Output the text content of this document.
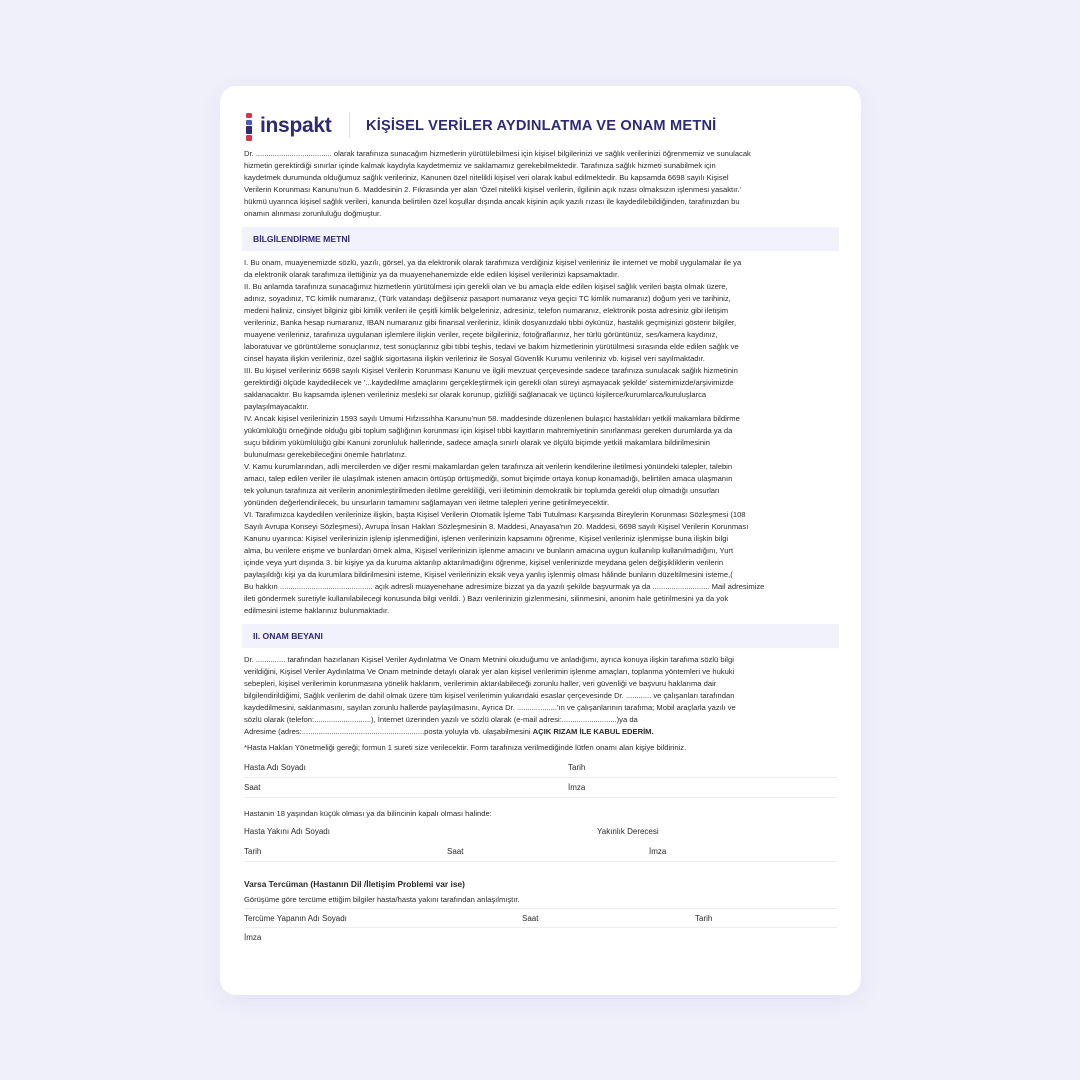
inspakt KİŞİSEL VERİLER AYDINLATMA VE ONAM METNİ
Dr. .................................... olarak tarafınıza sunacağım hizmetlerin yürütülebilmesi için kişisel bilgilerinizi ve sağlık verilerinizi öğrenmemiz ve sunulacak
hizmetin gerektirdiği sınırlar içinde kalmak kaydıyla kaydetmemiz ve saklamamız gerekebilmektedir. Tarafınıza sağlık hizmeti sunabilmek için
kaydetmek durumunda olduğumuz sağlık verileriniz, Kanunen özel nitelikli kişisel veri olarak kabul edilmektedir. Bu kapsamda 6698 sayılı Kişisel
Verilerin Korunması Kanunu'nun 6. Maddesinin 2. Fıkrasında yer alan 'Özel nitelikli kişisel verilerin, ilgilinin açık rızası olmaksızın işlenmesi yasaktır.'
hükmü uyarınca kişisel sağlık verileri, kanunda belirtilen özel koşullar dışında ancak kişinin açık yazılı rızası ile kaydedilebildiğinden, tarafınızdan bu
onamın alınması zorunluluğu doğmuştur.
BİLGİLENDİRME METNİ
I. Bu onam, muayenemizde sözlü, yazılı, görsel, ya da elektronik olarak tarafımıza verdiğiniz kişisel verileriniz ile internet ve mobil uygulamalar ile ya
da elektronik olarak tarafımıza ilettiğiniz ya da muayenehanemizde elde edilen kişisel verilerinizi kapsamaktadır.
II. Bu anlamda tarafınıza sunacağımız hizmetlerin yürütülmesi için gerekli olan ve bu amaçla elde edilen kişisel sağlık verileri başta olmak üzere,
adınız, soyadınız, TC kimlik numaranız, (Türk vatandaşı değilseniz pasaport numaranız veya geçici TC kimlik numaranız) doğum yeri ve tarihiniz,
medeni haliniz, cinsiyet bilginiz gibi kimlik verileri ile çeşitli kimlik belgeleriniz, adresiniz, telefon numaranız, elektronik posta adresiniz gibi iletişim
verileriniz, Banka hesap numaranız, IBAN numaranız gibi finansal verileriniz, klinik dosyanızdaki tıbbi öykünüz, hastalık geçmişinizi gösterir bilgiler,
muayene verileriniz, tarafınıza uygulanan işlemlere ilişkin veriler, reçete bilgileriniz, fotoğraflarınız, her türlü görüntünüz, ses/kamera kaydınız,
laboratuvar ve görüntüleme sonuçlarınız, test sonuçlarınız gibi tıbbi teşhis, tedavi ve bakım hizmetlerinin yürütülmesi sırasında elde edilen sağlık ve
cinsel hayata ilişkin verileriniz, özel sağlık sigortasına ilişkin verileriniz ile Sosyal Güvenlik Kurumu verileriniz vb. kişisel veri sayılmaktadır.
III. Bu kişisel verileriniz 6698 sayılı Kişisel Verilerin Korunması Kanunu ve ilgili mevzuat çerçevesinde sadece tarafınıza sunulacak sağlık hizmetinin
gerektirdiği ölçüde kaydedilecek ve '...kaydedilme amaçlarını gerçekleştirmek için gerekli olan süreyi aşmayacak şekilde' sistemimizde/arşivimizde
saklanacaktır. Bu kapsamda işlenen verileriniz mesleki sır olarak korunup, gizliliği sağlanacak ve üçüncü kişilerce/kurumlarca/kuruluşlarca
paylaşılmayacaktır.
IV. Ancak kişisel verilerinizin 1593 sayılı Umumi Hıfzıssıhha Kanunu'nun 58. maddesinde düzenlenen bulaşıcı hastalıkları yetkili makamlara bildirme
yükümlülüğü örneğinde olduğu gibi toplum sağlığının korunması için kişisel tıbbi kayıtların mahremiyetinin sınırlanması gereken durumlarda ya da
suçu bildirim yükümlülüğü gibi Kanuni zorunluluk hallerinde, sadece amaçla sınırlı olarak ve ölçülü biçimde yetkili makamlara bildirilmesinin
bulunulması gerekebileceğini önemle hatırlatırız.
V. Kamu kurumlarından, adli mercilerden ve diğer resmi makamlardan gelen tarafınıza ait verilerin kendilerine iletilmesi yönündeki talepler, talebin
amacı, talep edilen veriler ile ulaşılmak istenen amacın örtüşüp örtüşmediği, somut biçimde ortaya konup konamadığı, belirtilen amaca ulaşmanın
tek yolunun tarafınıza ait verilerin anonimleştirilmeden iletilme gerekliliği, veri iletiminin demokratik bir toplumda gerekli olup olmadığı unsurları
yönünden değerlendirilecek, bu unsurların tamamını sağlamayan veri iletme talepleri yerine getirilmeyecektir.
VI. Tarafımızca kaydedilen verilerinize ilişkin, başta Kişisel Verilerin Otomatik İşleme Tabi Tutulması Karşısında Bireylerin Korunması Sözleşmesi (108
Sayılı Avrupa Konseyi Sözleşmesi), Avrupa İnsan Hakları Sözleşmesinin 8. Maddesi, Anayasa'nın 20. Maddesi, 6698 sayılı Kişisel Verilerin Korunması
Kanunu uyarınca: Kişisel verilerinizin işlenip işlenmediğini, işlenen verilerinizin kapsamını öğrenme, Kişisel verileriniz işlenmişse buna ilişkin bilgi
alma, bu verilere erişme ve bunlardan örnek alma, Kişisel verilerinizin işlenme amacını ve bunların amacına uygun kullanılıp kullanılmadığını, Yurt
içinde veya yurt dışında 3. bir kişiye ya da kuruma aktarılıp aktarılmadığını öğrenme, kişisel verilerinizde meydana gelen değişikliklerin verilerin
paylaşıldığı kişi ya da kurumlara bildirilmesini isteme, Kişisel verilerinizin eksik veya yanlış işlenmiş olması hâlinde bunların düzeltilmesini isteme,(
Bu hakkın ............................................ açık adresli muayenehane adresimize bizzat ya da yazılı şekilde başvurmak ya da ........................... Mail adresimize
ileti göndermek suretiyle kullanılabilecegi konusunda bilgi verildi. ) Bazı verilerinizin gizlenmesini, silinmesini, anonim hale getirilmesini ya da yok
edilmesini isteme haklarınız bulunmaktadır.
II. ONAM BEYANI
Dr. .............. tarafından hazırlanan Kişisel Veriler Aydınlatma Ve Onam Metnini okuduğumu ve anladığımı, ayrıca konuya ilişkin tarafıma sözlü bilgi
verildiğini, Kişisel Veriler Aydınlatma Ve Onam metninde detaylı olarak yer alan kişisel verilerimin işlenme amaçları, toplanma yöntemleri ve hukuki
sebepleri, kişisel verilerimin korunmasına yönelik haklarım, verilerimin aktarılabileceği zorunlu haller, veri güvenliği ve başvuru haklarıma dair
bilgilendirildiğimi, Sağlık verilerim de dahil olmak üzere tüm kişisel verilerimin yukarıdaki esaslar çerçevesinde Dr. ............ ve çalışanları tarafından
kaydedilmesini, saklanmasını, sayılan zorunlu hallerde paylaşılmasını, Ayrıca Dr. ...................'ın ve çalışanlarının tarafıma; Mobil araçlarla yazılı ve
sözlü olarak (telefon:...........................), İnternet üzerinden yazılı ve sözlü olarak (e-mail adresi:..........................)ya da
Adresime (adres:..........................................................posta yoluyla vb. ulaşabilmesini AÇIK RIZAM İLE KABUL EDERİM.
*Hasta Hakları Yönetmeliği gereği; formun 1 sureti size verilecektir. Form tarafınıza verilmediğinde lütfen onamı alan kişiye bildiriniz.
Hasta Adı Soyadı	Tarih
Saat	İmza
Hastanın 18 yaşından küçük olması ya da bilincinin kapalı olması halinde:
Hasta Yakını Adı Soyadı	Yakınlık Derecesi
Tarih	Saat	İmza
Varsa Tercüman (Hastanın Dil /İletişim Problemi var ise)
Görüşüme göre tercüme ettiğim bilgiler hasta/hasta yakını tarafından anlaşılmıştır.
Tercüme Yapanın Adı Soyadı	Saat	Tarih
İmza
